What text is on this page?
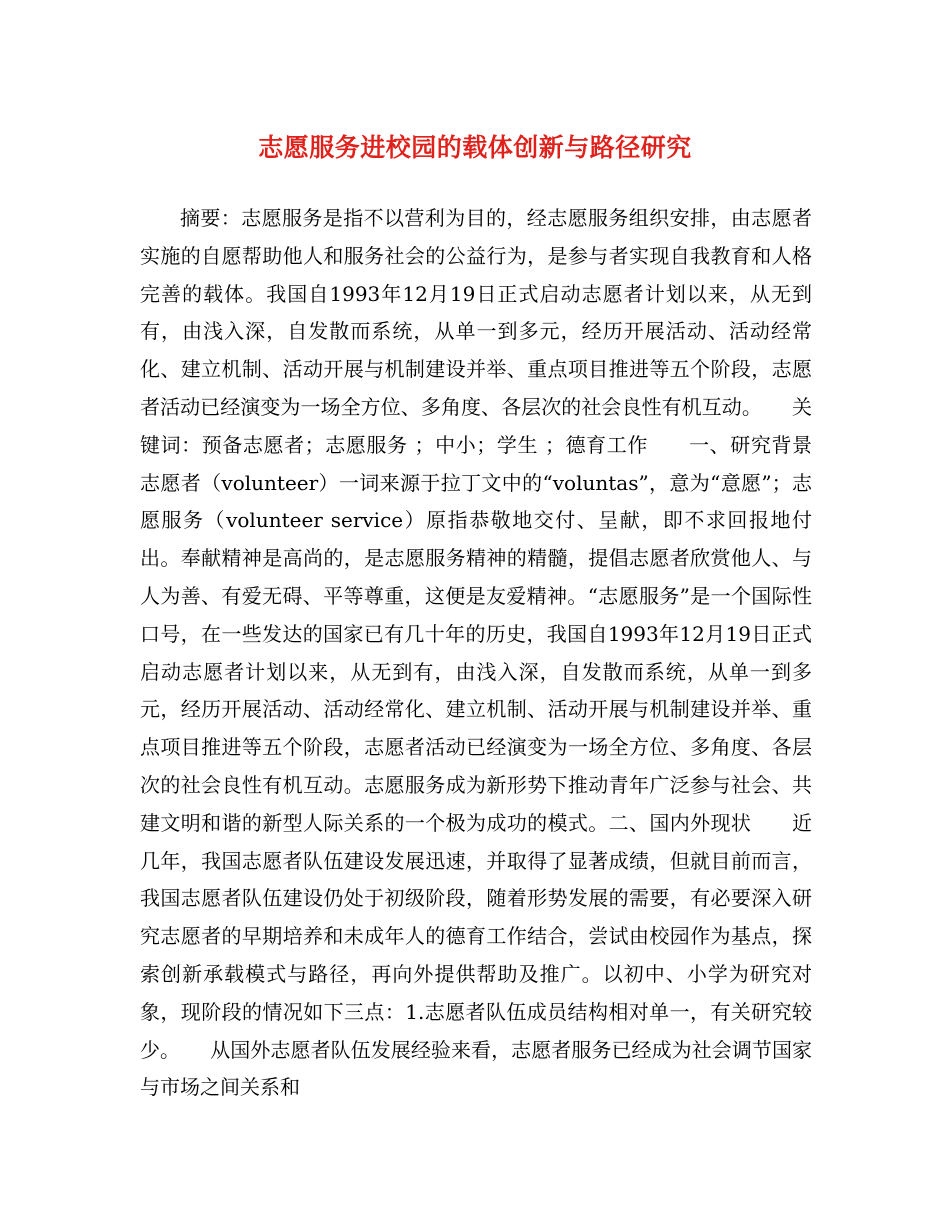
志愿服务进校园的载体创新与路径研究

摘要：志愿服务是指不以营利为目的，经志愿服务组织安排，由志愿者实施的自愿帮助他人和服务社会的公益行为，是参与者实现自我教育和人格完善的载体。我国自1993年12月19日正式启动志愿者计划以来，从无到有，由浅入深，自发散而系统，从单一到多元，经历开展活动、活动经常化、建立机制、活动开展与机制建设并举、重点项目推进等五个阶段，志愿者活动已经演变为一场全方位、多角度、各层次的社会良性有机互动。　　关键词：预备志愿者；志愿服务 ；中小；学生 ；德育工作　　一、研究背景　　志愿者（volunteer）一词来源于拉丁文中的“voluntas”，意为“意愿”；志愿服务（volunteer service）原指恭敬地交付、呈献，即不求回报地付出。奉献精神是高尚的，是志愿服务精神的精髓，提倡志愿者欣赏他人、与人为善、有爱无碍、平等尊重，这便是友爱精神。“志愿服务”是一个国际性口号，在一些发达的国家已有几十年的历史，我国自1993年12月19日正式启动志愿者计划以来，从无到有，由浅入深，自发散而系统，从单一到多元，经历开展活动、活动经常化、建立机制、活动开展与机制建设并举、重点项目推进等五个阶段，志愿者活动已经演变为一场全方位、多角度、各层次的社会良性有机互动。志愿服务成为新形势下推动青年广泛参与社会、共建文明和谐的新型人际关系的一个极为成功的模式。二、国内外现状　　近几年，我国志愿者队伍建设发展迅速，并取得了显著成绩，但就目前而言，我国志愿者队伍建设仍处于初级阶段，随着形势发展的需要，有必要深入研究志愿者的早期培养和未成年人的德育工作结合，尝试由校园作为基点，探索创新承载模式与路径，再向外提供帮助及推广。以初中、小学为研究对象，现阶段的情况如下三点：1.志愿者队伍成员结构相对单一，有关研究较少。　　从国外志愿者队伍发展经验来看，志愿者服务已经成为社会调节国家与市场之间关系和
